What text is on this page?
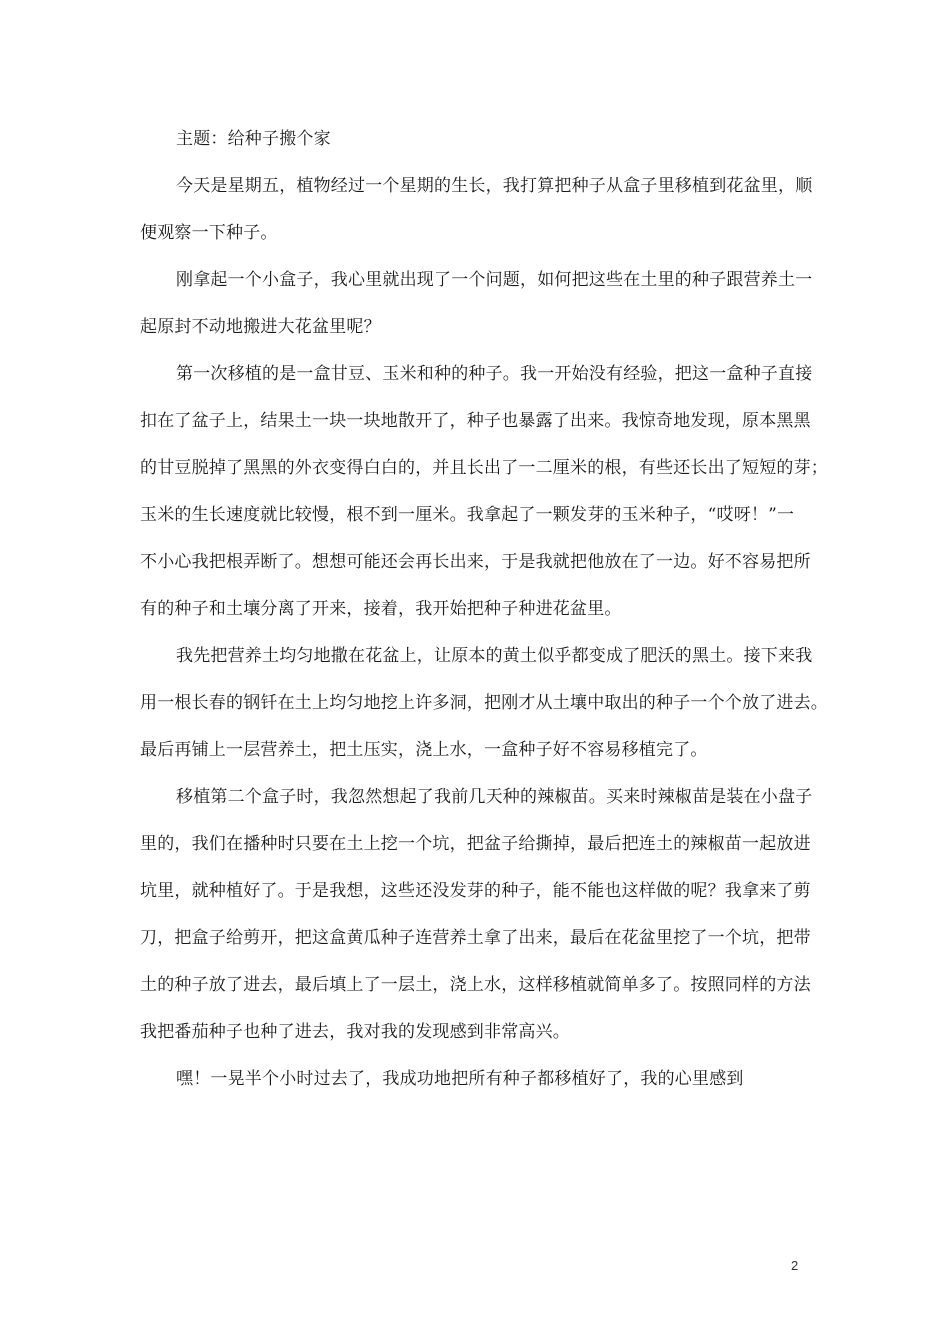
主题：给种子搬个家
今天是星期五，植物经过一个星期的生长，我打算把种子从盒子里移植到花盆里，顺
便观察一下种子。
刚拿起一个小盒子，我心里就出现了一个问题，如何把这些在土里的种子跟营养土一
起原封不动地搬进大花盆里呢？
第一次移植的是一盒甘豆、玉米和种的种子。我一开始没有经验，把这一盒种子直接
扣在了盆子上，结果土一块一块地散开了，种子也暴露了出来。我惊奇地发现，原本黑黑
的甘豆脱掉了黑黑的外衣变得白白的，并且长出了一二厘米的根，有些还长出了短短的芽；
玉米的生长速度就比较慢，根不到一厘米。我拿起了一颗发芽的玉米种子，“哎呀！”一
不小心我把根弄断了。想想可能还会再长出来，于是我就把他放在了一边。好不容易把所
有的种子和土壤分离了开来，接着，我开始把种子种进花盆里。
我先把营养土均匀地撒在花盆上，让原本的黄土似乎都变成了肥沃的黑土。接下来我
用一根长春的钢钎在土上均匀地挖上许多洞，把刚才从土壤中取出的种子一个个放了进去。
最后再铺上一层营养土，把土压实，浇上水，一盒种子好不容易移植完了。
移植第二个盒子时，我忽然想起了我前几天种的辣椒苗。买来时辣椒苗是装在小盘子
里的，我们在播种时只要在土上挖一个坑，把盆子给撕掉，最后把连土的辣椒苗一起放进
坑里，就种植好了。于是我想，这些还没发芽的种子，能不能也这样做的呢？我拿来了剪
刀，把盒子给剪开，把这盒黄瓜种子连营养土拿了出来，最后在花盆里挖了一个坑，把带
土的种子放了进去，最后填上了一层土，浇上水，这样移植就简单多了。按照同样的方法
我把番茄种子也种了进去，我对我的发现感到非常高兴。
嘿！一晃半个小时过去了，我成功地把所有种子都移植好了，我的心里感到
2
